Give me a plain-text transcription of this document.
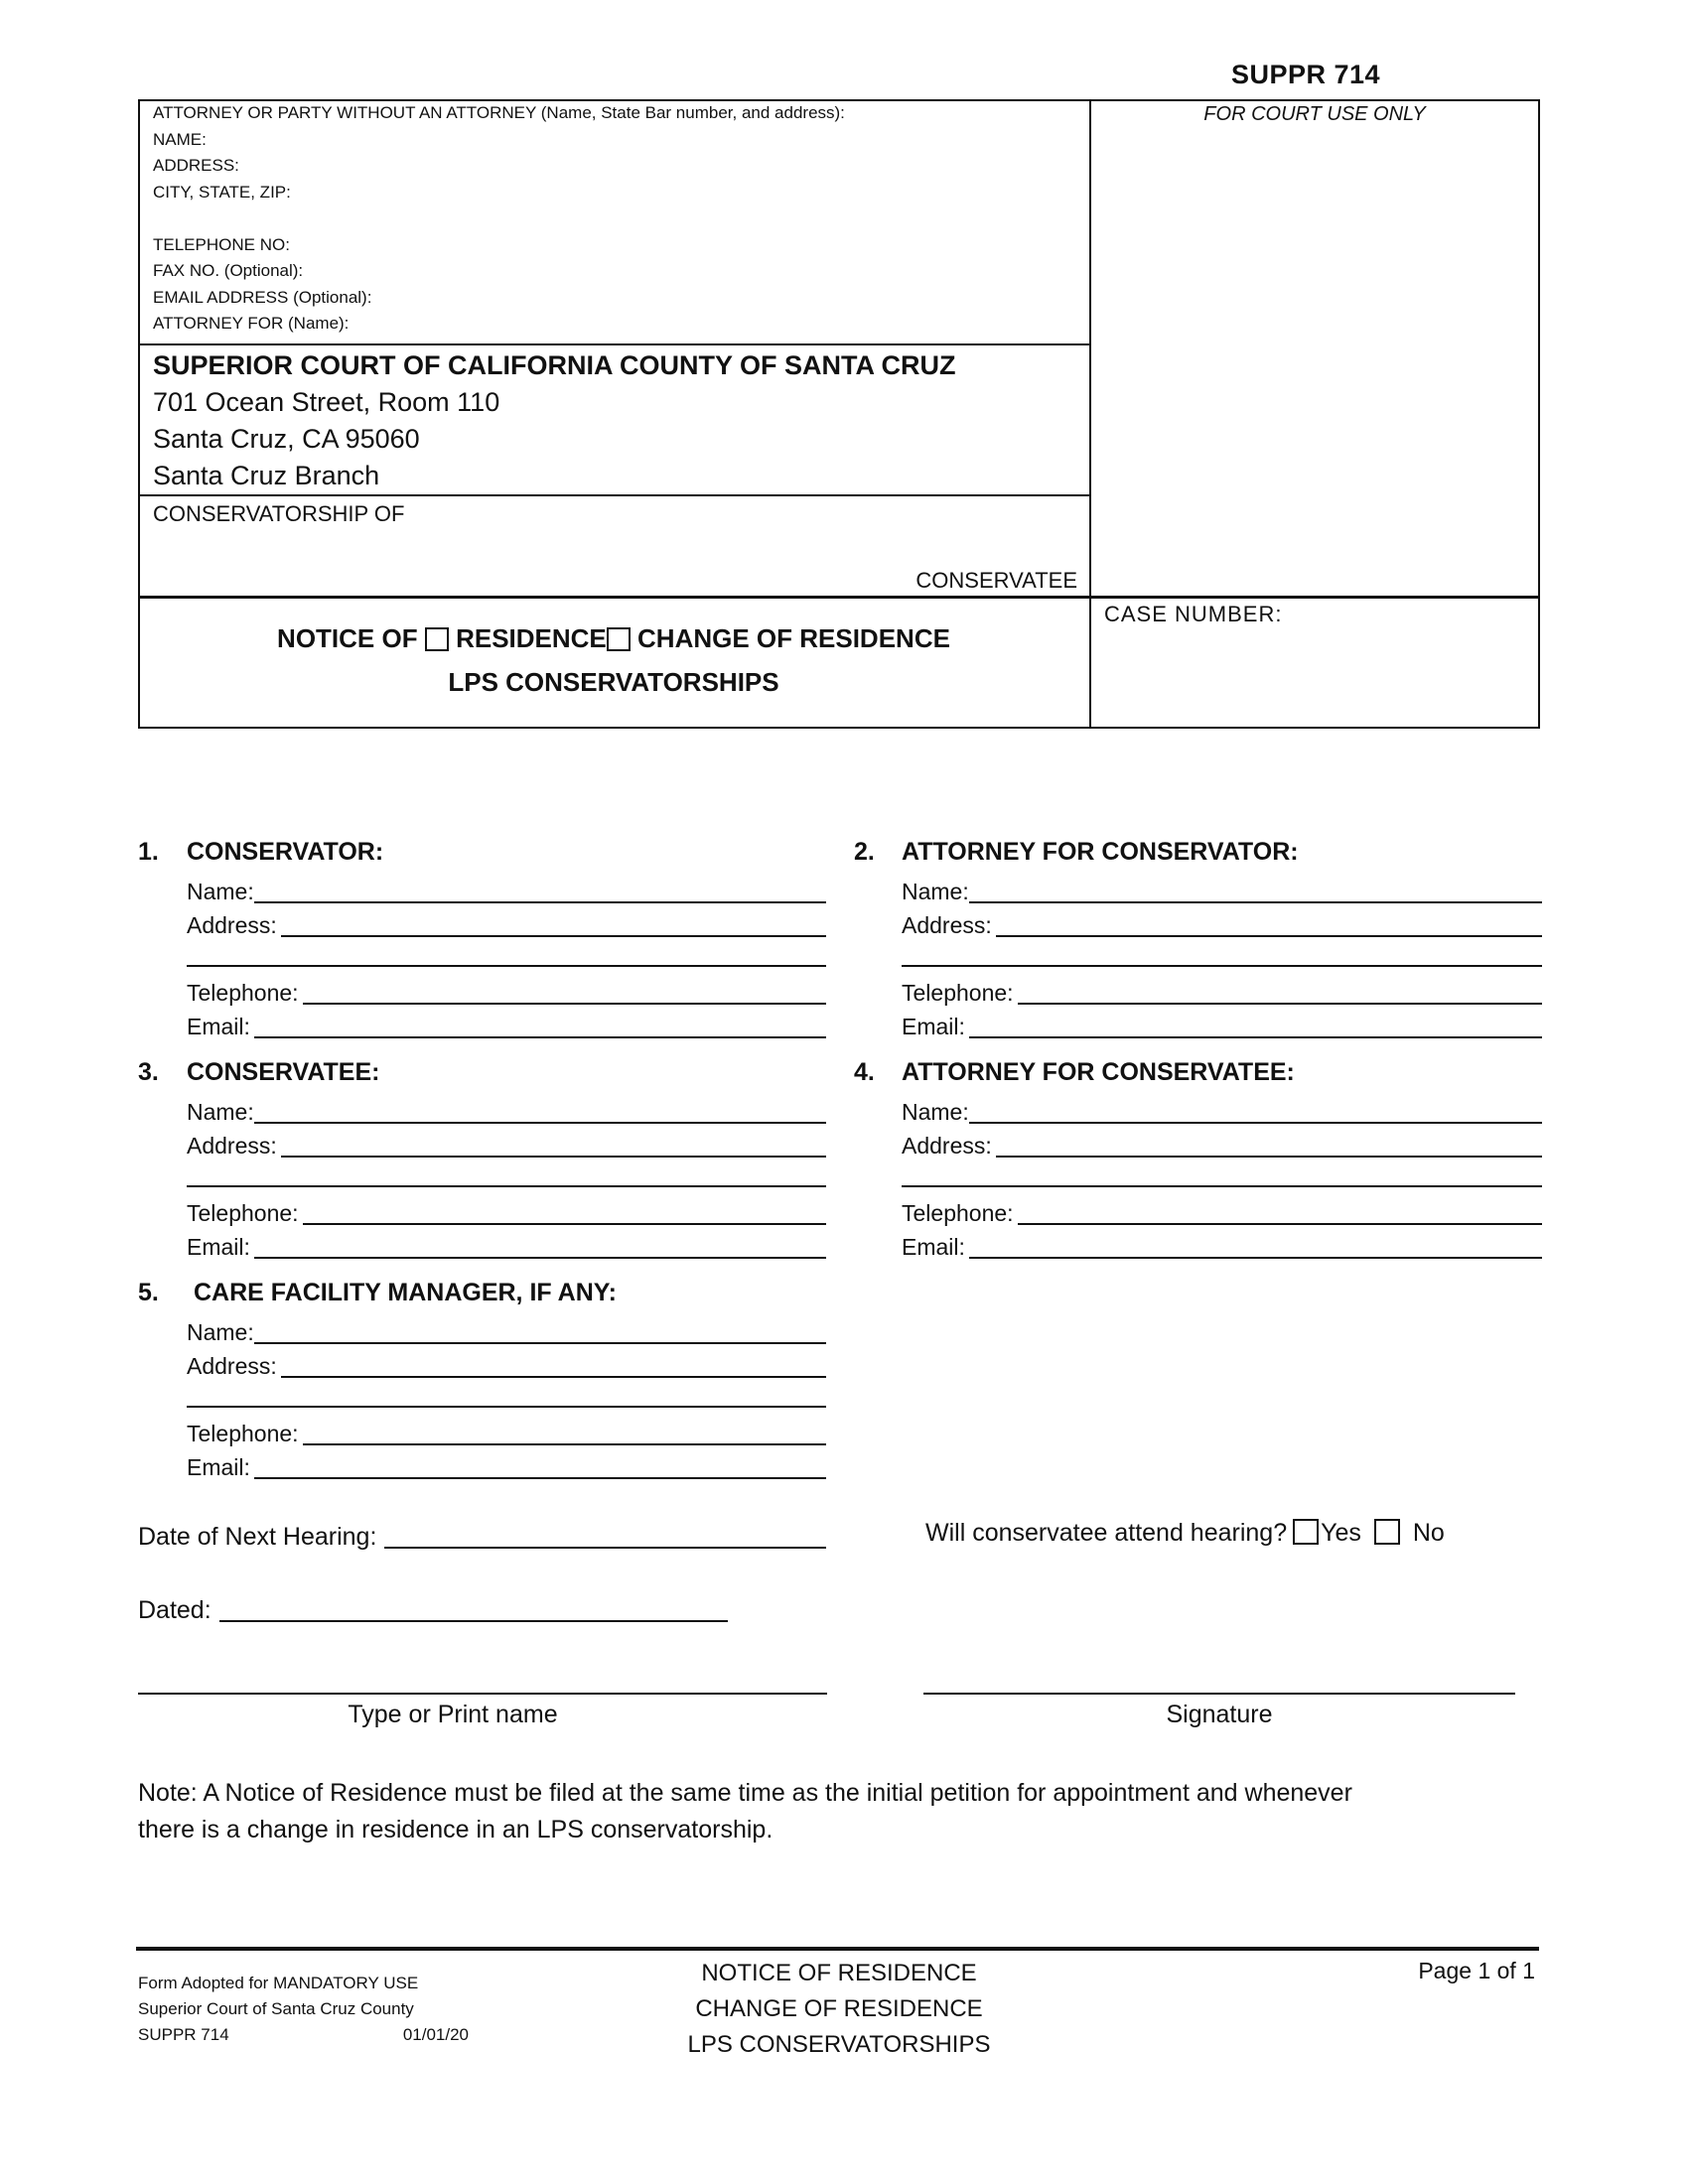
SUPPR 714
ATTORNEY OR PARTY WITHOUT AN ATTORNEY (Name, State Bar number, and address):
NAME:
ADDRESS:
CITY, STATE, ZIP:
TELEPHONE NO:
FAX NO. (Optional):
EMAIL ADDRESS (Optional):
ATTORNEY FOR (Name):
FOR COURT USE ONLY
SUPERIOR COURT OF CALIFORNIA COUNTY OF SANTA CRUZ
701 Ocean Street, Room 110
Santa Cruz, CA 95060
Santa Cruz Branch
CONSERVATORSHIP OF
CONSERVATEE
NOTICE OF RESIDENCE CHANGE OF RESIDENCE
LPS CONSERVATORSHIPS
CASE NUMBER:
1. CONSERVATOR:
Name:
Address:
Telephone:
Email:
2. ATTORNEY FOR CONSERVATOR:
Name:
Address:
Telephone:
Email:
3. CONSERVATEE:
Name:
Address:
Telephone:
Email:
4. ATTORNEY FOR CONSERVATEE:
Name:
Address:
Telephone:
Email:
5. CARE FACILITY MANAGER, IF ANY:
Name:
Address:
Telephone:
Email:
Date of Next Hearing:	Will conservatee attend hearing? Yes No
Dated:
Type or Print name	Signature
Note: A Notice of Residence must be filed at the same time as the initial petition for appointment and whenever
there is a change in residence in an LPS conservatorship.
Form Adopted for MANDATORY USE
Superior Court of Santa Cruz County
SUPPR 714	01/01/20
NOTICE OF RESIDENCE
CHANGE OF RESIDENCE
LPS CONSERVATORSHIPS
Page 1 of 1
